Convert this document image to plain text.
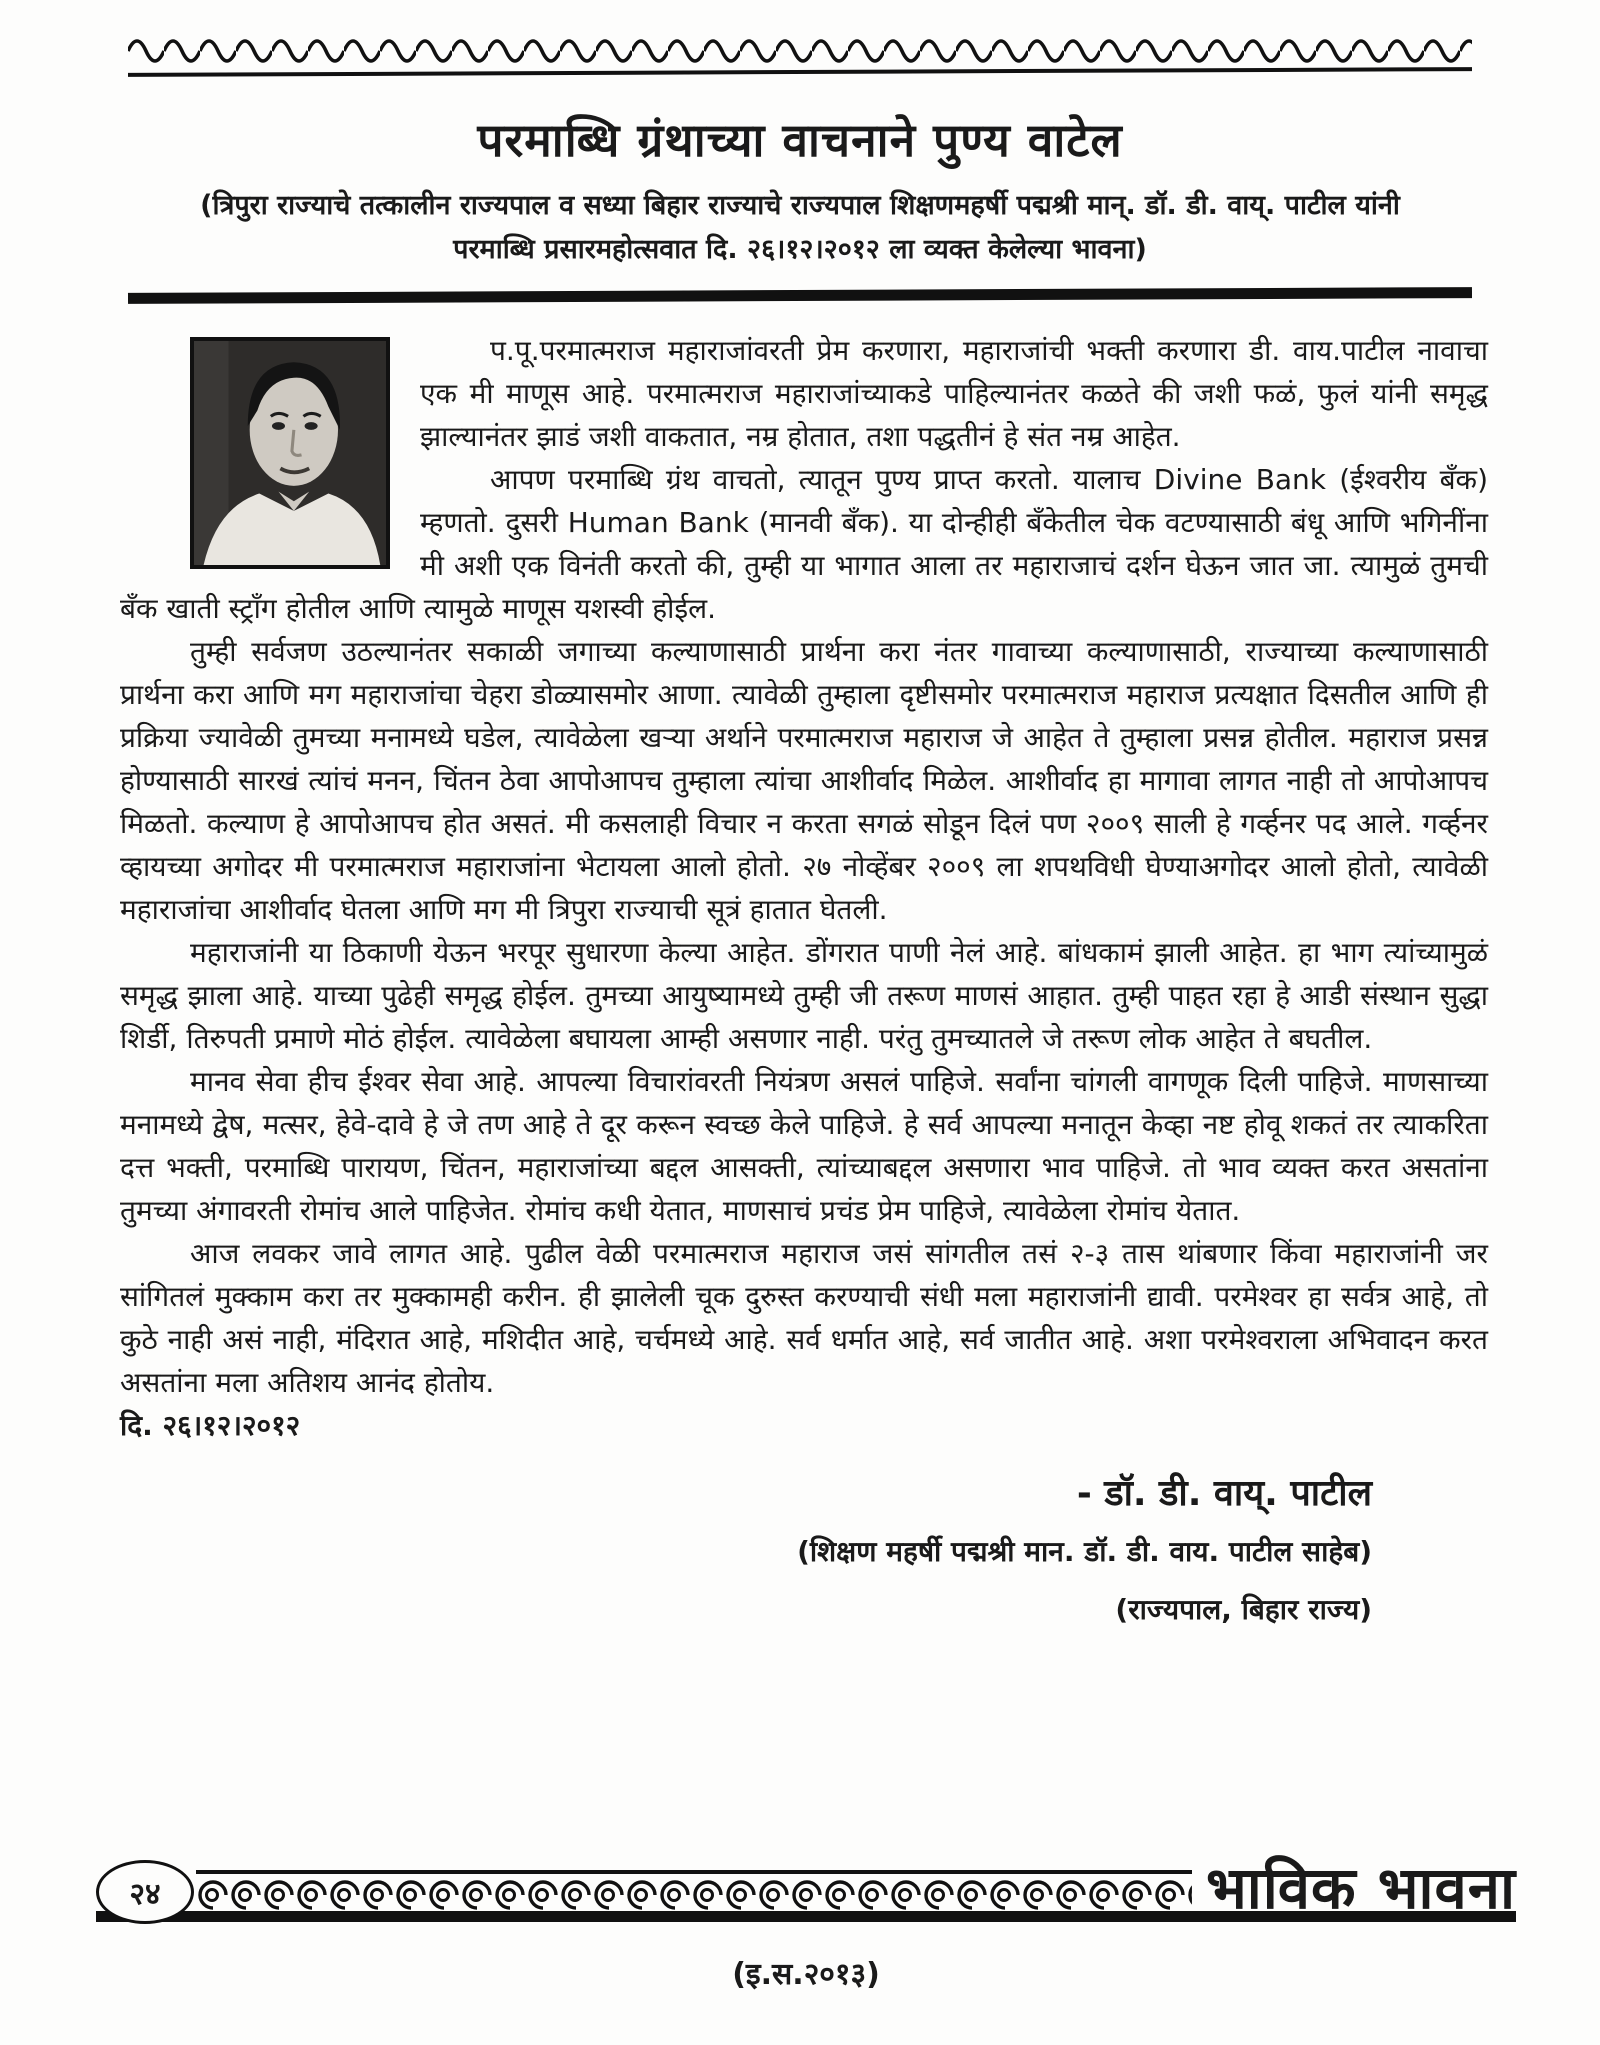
परमाब्धि ग्रंथाच्या वाचनाने पुण्य वाटेल
(त्रिपुरा राज्याचे तत्कालीन राज्यपाल व सध्या बिहार राज्याचे राज्यपाल शिक्षणमहर्षी पद्मश्री मान्. डॉ. डी. वाय्. पाटील यांनी
परमाब्धि प्रसारमहोत्सवात दि. २६।१२।२०१२ ला व्यक्त केलेल्या भावना)

प.पू.परमात्मराज महाराजांवरती प्रेम करणारा, महाराजांची भक्ती करणारा डी. वाय.पाटील नावाचा एक मी माणूस आहे. परमात्मराज महाराजांच्याकडे पाहिल्यानंतर कळते की जशी फळं, फुलं यांनी समृद्ध झाल्यानंतर झाडं जशी वाकतात, नम्र होतात, तशा पद्धतीनं हे संत नम्र आहेत.

आपण परमाब्धि ग्रंथ वाचतो, त्यातून पुण्य प्राप्त करतो. यालाच Divine Bank (ईश्वरीय बँक) म्हणतो. दुसरी Human Bank (मानवी बँक). या दोन्हीही बँकेतील चेक वटण्यासाठी बंधू आणि भगिनींना मी अशी एक विनंती करतो की, तुम्ही या भागात आला तर महाराजाचं दर्शन घेऊन जात जा. त्यामुळं तुमची बँक खाती स्ट्राँग होतील आणि त्यामुळे माणूस यशस्वी होईल.

तुम्ही सर्वजण उठल्यानंतर सकाळी जगाच्या कल्याणासाठी प्रार्थना करा नंतर गावाच्या कल्याणासाठी, राज्याच्या कल्याणासाठी प्रार्थना करा आणि मग महाराजांचा चेहरा डोळ्यासमोर आणा. त्यावेळी तुम्हाला दृष्टीसमोर परमात्मराज महाराज प्रत्यक्षात दिसतील आणि ही प्रक्रिया ज्यावेळी तुमच्या मनामध्ये घडेल, त्यावेळेला खऱ्या अर्थाने परमात्मराज महाराज जे आहेत ते तुम्हाला प्रसन्न होतील. महाराज प्रसन्न होण्यासाठी सारखं त्यांचं मनन, चिंतन ठेवा आपोआपच तुम्हाला त्यांचा आशीर्वाद मिळेल. आशीर्वाद हा मागावा लागत नाही तो आपोआपच मिळतो. कल्याण हे आपोआपच होत असतं. मी कसलाही विचार न करता सगळं सोडून दिलं पण २००९ साली हे गर्व्हनर पद आले. गर्व्हनर व्हायच्या अगोदर मी परमात्मराज महाराजांना भेटायला आलो होतो. २७ नोव्हेंबर २००९ ला शपथविधी घेण्याअगोदर आलो होतो, त्यावेळी महाराजांचा आशीर्वाद घेतला आणि मग मी त्रिपुरा राज्याची सूत्रं हातात घेतली.

महाराजांनी या ठिकाणी येऊन भरपूर सुधारणा केल्या आहेत. डोंगरात पाणी नेलं आहे. बांधकामं झाली आहेत. हा भाग त्यांच्यामुळं समृद्ध झाला आहे. याच्या पुढेही समृद्ध होईल. तुमच्या आयुष्यामध्ये तुम्ही जी तरूण माणसं आहात. तुम्ही पाहत रहा हे आडी संस्थान सुद्धा शिर्डी, तिरुपती प्रमाणे मोठं होईल. त्यावेळेला बघायला आम्ही असणार नाही. परंतु तुमच्यातले जे तरूण लोक आहेत ते बघतील.

मानव सेवा हीच ईश्वर सेवा आहे. आपल्या विचारांवरती नियंत्रण असलं पाहिजे. सर्वांना चांगली वागणूक दिली पाहिजे. माणसाच्या मनामध्ये द्वेष, मत्सर, हेवे-दावे हे जे तण आहे ते दूर करून स्वच्छ केले पाहिजे. हे सर्व आपल्या मनातून केव्हा नष्ट होवू शकतं तर त्याकरिता दत्त भक्ती, परमाब्धि पारायण, चिंतन, महाराजांच्या बद्दल आसक्ती, त्यांच्याबद्दल असणारा भाव पाहिजे. तो भाव व्यक्त करत असतांना तुमच्या अंगावरती रोमांच आले पाहिजेत. रोमांच कधी येतात, माणसाचं प्रचंड प्रेम पाहिजे, त्यावेळेला रोमांच येतात.

आज लवकर जावे लागत आहे. पुढील वेळी परमात्मराज महाराज जसं सांगतील तसं २-३ तास थांबणार किंवा महाराजांनी जर सांगितलं मुक्काम करा तर मुक्कामही करीन. ही झालेली चूक दुरुस्त करण्याची संधी मला महाराजांनी द्यावी. परमेश्वर हा सर्वत्र आहे, तो कुठे नाही असं नाही, मंदिरात आहे, मशिदीत आहे, चर्चमध्ये आहे. सर्व धर्मात आहे, सर्व जातीत आहे. अशा परमेश्वराला अभिवादन करत असतांना मला अतिशय आनंद होतोय.

दि. २६।१२।२०१२

- डॉ. डी. वाय्. पाटील
(शिक्षण महर्षी पद्मश्री मान. डॉ. डी. वाय. पाटील साहेब)
(राज्यपाल, बिहार राज्य)
२४	भाविक भावना
(इ.स.२०१३)
